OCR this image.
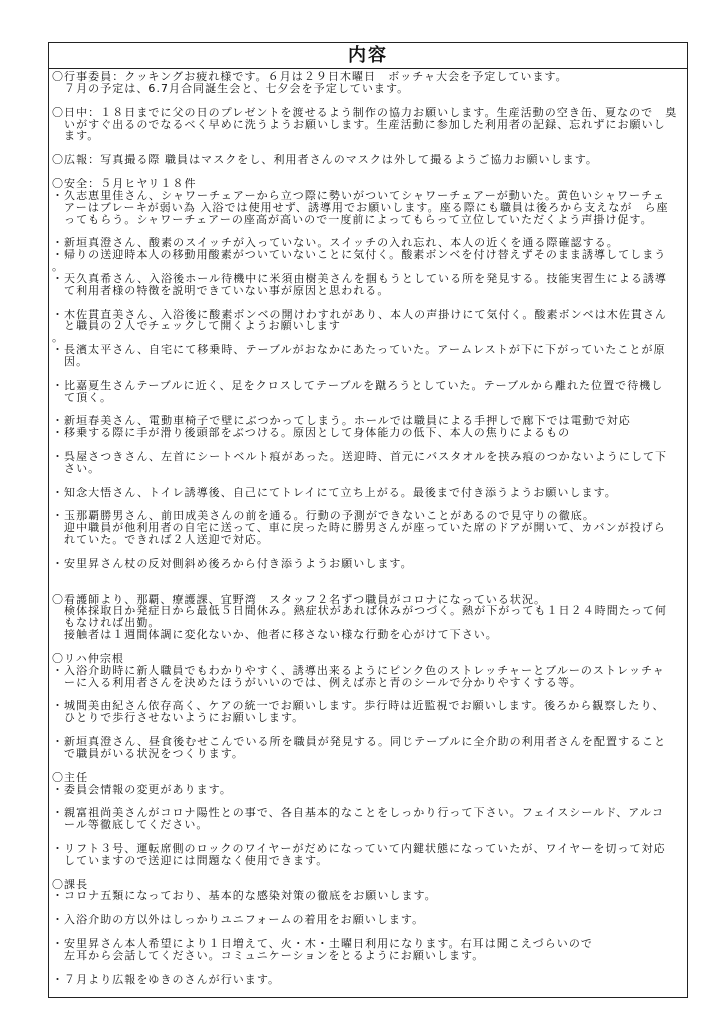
内容
〇行事委員：クッキングお疲れ様です。６月は２９日木曜日　ボッチャ大会を予定しています。
　７月の予定は、6.7月合同誕生会と、七夕会を予定しています。
〇日中：１８日までに父の日のプレゼントを渡せるよう制作の協力お願いします。生産活動の空き缶、夏なので　臭
　いがすぐ出るのでなるべく早めに洗うようお願いします。生産活動に参加した利用者の記録、忘れずにお願いし
　ます。
〇広報：写真撮る際 職員はマスクをし、利用者さんのマスクは外して撮るようご協力お願いします。
〇安全：５月ヒヤリ１８件
・久志恵里佳さん、シャワーチェアーから立つ際に勢いがついてシャワーチェアーが動いた。黄色いシャワーチェ
　アーはブレーキが弱い為 入浴では使用せず、誘導用でお願いします。座る際にも職員は後ろから支えなが　ら座
　ってもらう。シャワーチェアーの座高が高いので一度前によってもらって立位していただくよう声掛け促す。
・新垣真澄さん、酸素のスイッチが入っていない。スイッチの入れ忘れ、本人の近くを通る際確認する。
・帰りの送迎時本人の移動用酸素がついていないことに気付く。酸素ボンベを付け替えずそのまま誘導してしまう
。
・天久真希さん、入浴後ホール待機中に米須由樹美さんを掴もうとしている所を発見する。技能実習生による誘導
　て利用者様の特徴を説明できていない事が原因と思われる。
・木佐貫直美さん、入浴後に酸素ボンベの開けわすれがあり、本人の声掛けにて気付く。酸素ボンベは木佐貫さん
　と職員の２人でチェックして開くようお願いします
。
・長濱太平さん、自宅にて移乗時、テーブルがおなかにあたっていた。アームレストが下に下がっていたことが原
　因。
・比嘉夏生さんテーブルに近く、足をクロスしてテーブルを蹴ろうとしていた。テーブルから離れた位置で待機し
　て頂く。
・新垣春美さん、電動車椅子で壁にぶつかってしまう。ホールでは職員による手押しで廊下では電動で対応
・移乗する際に手が滑り後頭部をぶつける。原因として身体能力の低下、本人の焦りによるもの
・呉屋さつきさん、左首にシートベルト痕があった。送迎時、首元にバスタオルを挟み痕のつかないようにして下
　さい。
・知念大悟さん、トイレ誘導後、自己にてトレイにて立ち上がる。最後まで付き添うようお願いします。
・玉那覇勝男さん、前田成美さんの前を通る。行動の予測ができないことがあるので見守りの徹底。
　迎中職員が他利用者の自宅に送って、車に戻った時に勝男さんが座っていた席のドアが開いて、カバンが投げら
　れていた。できれば２人送迎で対応。
・安里昇さん杖の反対側斜め後ろから付き添うようお願いします。
〇看護師より、那覇、療護課、宜野湾　スタッフ２名ずつ職員がコロナになっている状況。
　検体採取日か発症日から最低５日間休み。熱症状があれば休みがつづく。熱が下がっても１日２４時間たって何
　もなければ出勤。
　接触者は１週間体調に変化ないか、他者に移さない様な行動を心がけて下さい。
〇リハ仲宗根
・入浴介助時に新人職員でもわかりやすく、誘導出来るようにピンク色のストレッチャーとブルーのストレッチャ
　ーに入る利用者さんを決めたほうがいいのでは、例えば赤と青のシールで分かりやすくする等。
・城間美由紀さん依存高く、ケアの統一でお願いします。歩行時は近監視でお願いします。後ろから観察したり、
　ひとりで歩行させないようにお願いします。
・新垣真澄さん、昼食後むせこんでいる所を職員が発見する。同じテーブルに全介助の利用者さんを配置すること
　で職員がいる状況をつくります。
〇主任
・委員会情報の変更があります。
・親富祖尚美さんがコロナ陽性との事で、各自基本的なことをしっかり行って下さい。フェイスシールド、アルコ
　ール等徹底してください。
・リフト３号、運転席側のロックのワイヤーがだめになっていて内鍵状態になっていたが、ワイヤーを切って対応
　していますので送迎には問題なく使用できます。
〇課長
・コロナ五類になっており、基本的な感染対策の徹底をお願いします。
・入浴介助の方以外はしっかりユニフォームの着用をお願いします。
・安里昇さん本人希望により１日増えて、火・木・土曜日利用になります。右耳は聞こえづらいので
　左耳から会話してください。コミュニケーションをとるようにお願いします。
・７月より広報をゆきのさんが行います。
